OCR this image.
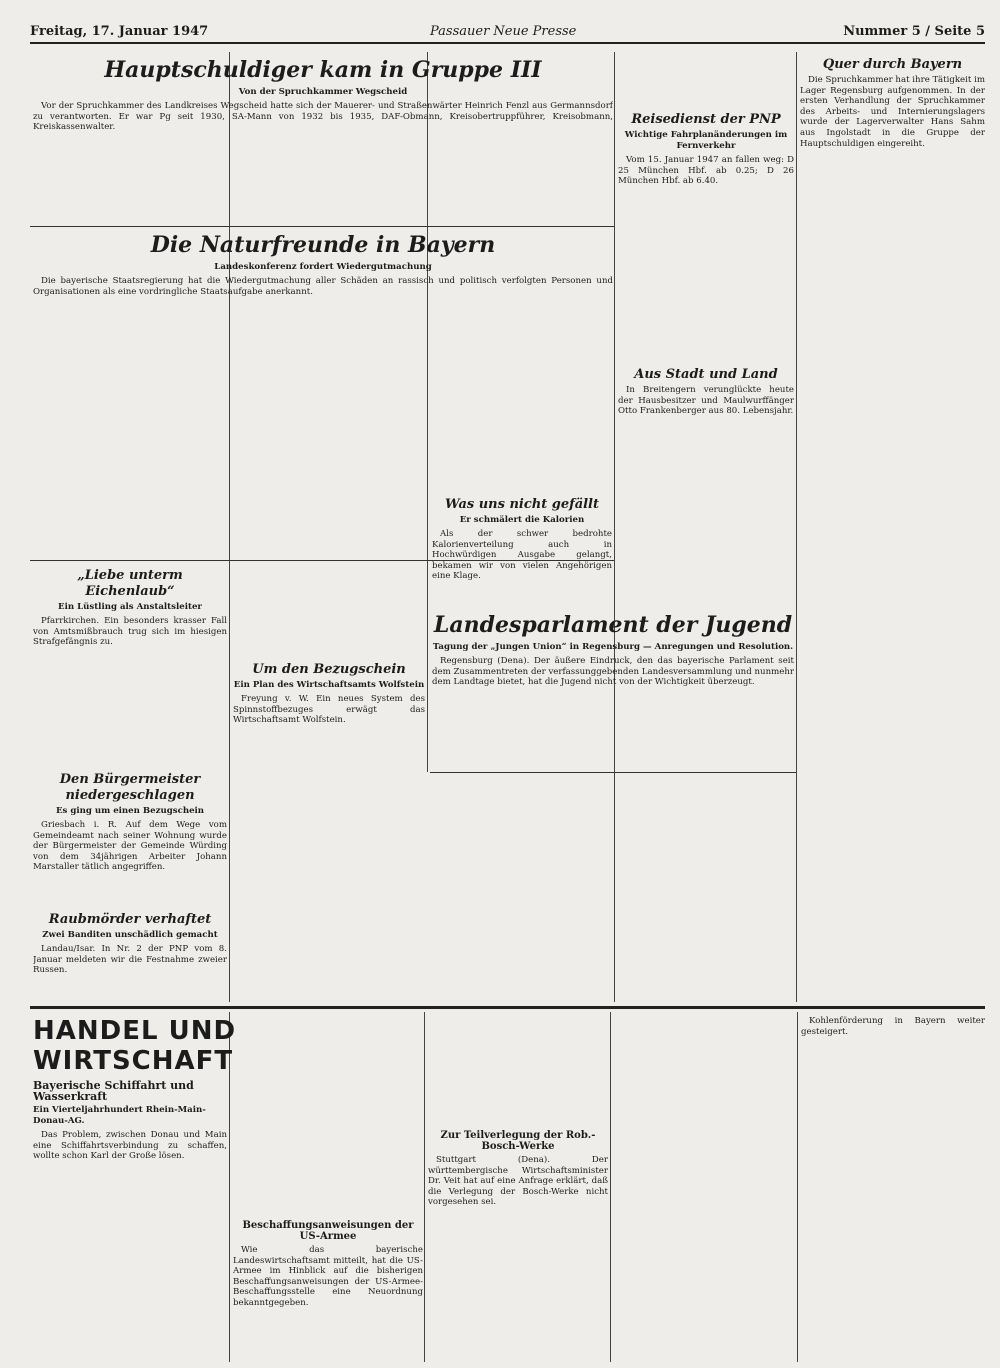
Freitag, 17. Januar 1947	Passauer Neue Presse	Nummer 5 / Seite 5
Hauptschuldiger kam in Gruppe III
Von der Spruchkammer Wegscheid

Vor der Spruchkammer des Landkreises Wegscheid hatte sich der Mauerer- und Straßenwärter Heinrich Fenzl aus Germannsdorf zu verantworten. Er war Pg seit 1930, SA-Mann von 1932 bis 1935, DAF-Obmann, Kreisobertruppführer, Kreisobmann, Kreiskassenwalter.

Die Naturfreunde in Bayern
Landeskonferenz fordert Wiedergutmachung

Die bayerische Staatsregierung hat die Wiedergutmachung aller Schäden an rassisch und politisch verfolgten Personen und Organisationen als eine vordringliche Staatsaufgabe anerkannt.

„Liebe unterm Eichenlaub“
Ein Lüstling als Anstaltsleiter

Pfarrkirchen. Ein besonders krasser Fall von Amtsmißbrauch trug sich im hiesigen Strafgefängnis zu.

Den Bürgermeister niedergeschlagen
Es ging um einen Bezugschein

Griesbach i. R. Auf dem Wege vom Gemeindeamt nach seiner Wohnung wurde der Bürgermeister der Gemeinde Würding von dem 34jährigen Arbeiter Johann Marstaller tätlich angegriffen.

Raubmörder verhaftet
Zwei Banditen unschädlich gemacht

Landau/Isar. In Nr. 2 der PNP vom 8. Januar meldeten wir die Festnahme zweier Russen.

Um den Bezugschein
Ein Plan des Wirtschaftsamts Wolfstein

Freyung v. W. Ein neues System des Spinnstoffbezuges erwägt das Wirtschaftsamt Wolfstein.

Reisedienst der PNP
Wichtige Fahrplanänderungen im Fernverkehr

Vom 15. Januar 1947 an fallen weg: D 25 München Hbf. ab 0.25; D 26 München Hbf. ab 6.40.

Aus Stadt und Land

In Breitengern verunglückte heute der Hausbesitzer und Maulwurffänger Otto Frankenberger aus 80. Lebensjahr.

Was uns nicht gefällt
Er schmälert die Kalorien

Als der schwer bedrohte Kalorienverteilung auch in Hochwürdigen Ausgabe gelangt, bekamen wir von vielen Angehörigen eine Klage.

Landesparlament der Jugend
Tagung der „Jungen Union“ in Regensburg — Anregungen und Resolution.

Regensburg (Dena). Der äußere Eindruck, den das bayerische Parlament seit dem Zusammentreten der verfassunggebenden Landesversammlung und nunmehr dem Landtage bietet, hat die Jugend nicht von der Wichtigkeit überzeugt.

Quer durch Bayern

Die Spruchkammer hat ihre Tätigkeit im Lager Regensburg aufgenommen. In der ersten Verhandlung der Spruchkammer des Arbeits- und Internierungslagers wurde der Lagerverwalter Hans Sahm aus Ingolstadt in die Gruppe der Hauptschuldigen eingereiht.

HANDEL UND WIRTSCHAFT
Bayerische Schiffahrt und Wasserkraft
Ein Vierteljahrhundert Rhein-Main-Donau-AG.

Das Problem, zwischen Donau und Main eine Schiffahrtsverbindung zu schaffen, wollte schon Karl der Große lösen.

Beschaffungsanweisungen der US-Armee

Wie das bayerische Landeswirtschaftsamt mitteilt, hat die US-Armee im Hinblick auf die bisherigen Beschaffungsanweisungen der US-Armee-Beschaffungsstelle eine Neuordnung bekanntgegeben.

Zur Teilverlegung der Rob.-Bosch-Werke

Stuttgart (Dena). Der württembergische Wirtschaftsminister Dr. Veit hat auf eine Anfrage erklärt, daß die Verlegung der Bosch-Werke nicht vorgesehen sei.

Kohlenförderung in Bayern weiter gesteigert.
